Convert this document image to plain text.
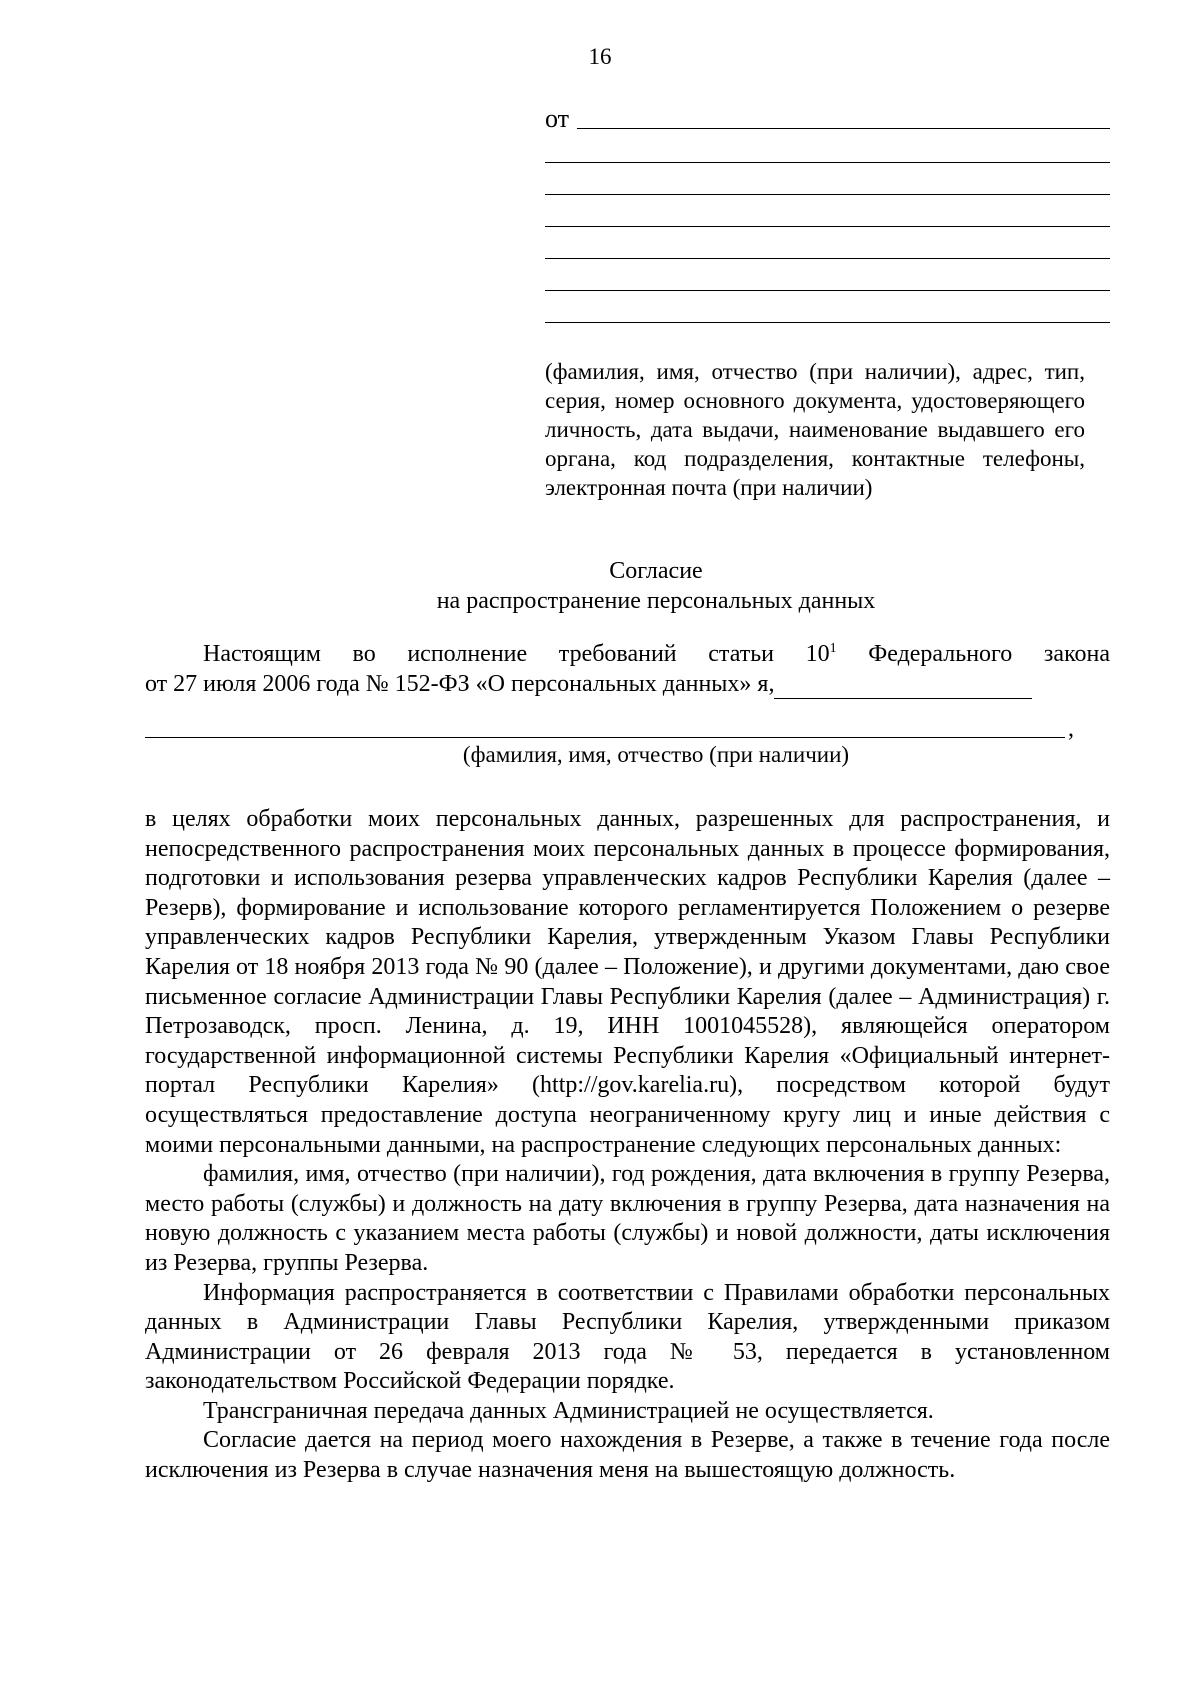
16
от
(фамилия, имя, отчество (при наличии), адрес, тип, серия, номер основного документа, удостоверяющего личность, дата выдачи, наименование выдавшего его органа, код подразделения, контактные телефоны, электронная почта (при наличии)
Согласие
на распространение персональных данных
Настоящим во исполнение требований статьи $10^1$ Федерального закона
от 27 июля 2006 года № 152-ФЗ «О персональных данных» я,
,
(фамилия, имя, отчество (при наличии)

в целях обработки моих персональных данных, разрешенных для распространения, и непосредственного распространения моих персональных данных в процессе формирования, подготовки и использования резерва управленческих кадров Республики Карелия (далее – Резерв), формирование и использование которого регламентируется Положением о резерве управленческих кадров Республики Карелия, утвержденным Указом Главы Республики Карелия от 18 ноября 2013 года № 90 (далее – Положение), и другими документами, даю свое письменное согласие Администрации Главы Республики Карелия (далее – Администрация) г. Петрозаводск, просп. Ленина, д. 19, ИНН 1001045528), являющейся оператором государственной информационной системы Республики Карелия «Официальный интернет-портал Республики Карелия» (http://gov.karelia.ru), посредством которой будут осуществляться предоставление доступа неограниченному кругу лиц и иные действия с моими персональными данными, на распространение следующих персональных данных:

фамилия, имя, отчество (при наличии), год рождения, дата включения в группу Резерва, место работы (службы) и должность на дату включения в группу Резерва, дата назначения на новую должность с указанием места работы (службы) и новой должности, даты исключения из Резерва, группы Резерва.

Информация распространяется в соответствии с Правилами обработки персональных данных в Администрации Главы Республики Карелия, утвержденными приказом Администрации от 26 февраля 2013 года № 53, передается в установленном законодательством Российской Федерации порядке.

Трансграничная передача данных Администрацией не осуществляется.

Согласие дается на период моего нахождения в Резерве, а также в течение года после исключения из Резерва в случае назначения меня на вышестоящую должность.
